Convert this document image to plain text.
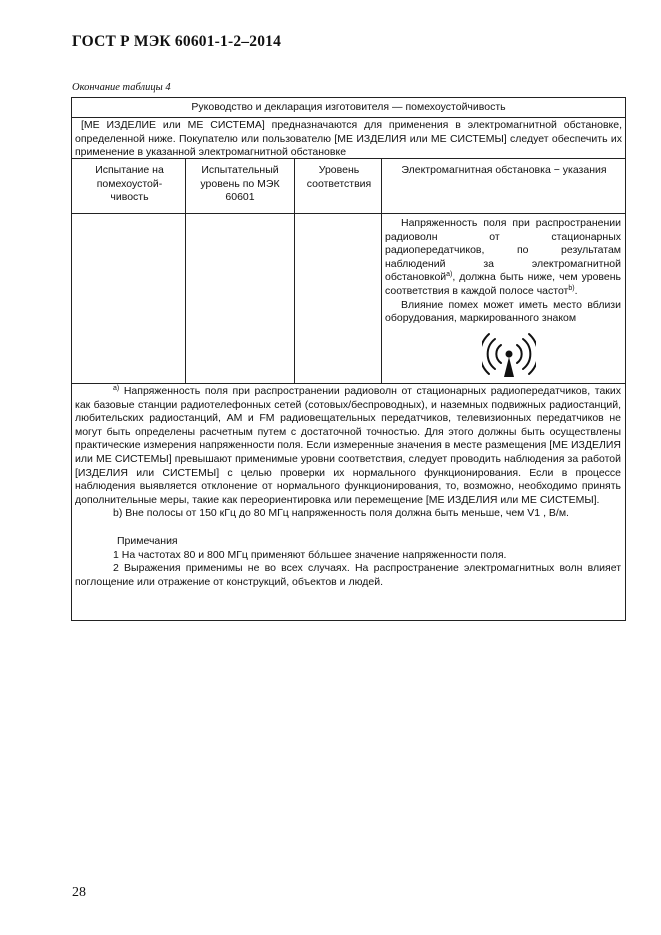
ГОСТ Р МЭК 60601-1-2–2014
Окончание таблицы 4
Руководство и декларация изготовителя — помехоустойчивость
[МЕ ИЗДЕЛИЕ или МЕ СИСТЕМА] предназначаются для применения в электромагнитной обстановке, определенной ниже. Покупателю или пользователю [МЕ ИЗДЕЛИЯ или МЕ СИСТЕМЫ] следует обеспечить их применение в указанной электромагнитной обстановке
Испытание на помехоустой-чивость
Испытательный уровень по МЭК 60601
Уровень соответствия
Электромагнитная обстановка − указания

Напряженность поля при распространении радиоволн от стационарных радиопередатчиков, по результатам наблюдений за электромагнитной обстановкой$^{a)}$, должна быть ниже, чем уровень соответствия в каждой полосе частот$^{b)}$.

Влияние помех может иметь место вблизи оборудования, маркированного знаком

$^{a)}$ Напряженность поля при распространении радиоволн от стационарных радиопередатчиков, таких как базовые станции радиотелефонных сетей (сотовых/беспроводных), и наземных подвижных радиостанций, любительских радиостанций, AM и FM радиовещательных передатчиков, телевизионных передатчиков не могут быть определены расчетным путем с достаточной точностью. Для этого должны быть осуществлены практические измерения напряженности поля. Если измеренные значения в месте размещения [МЕ ИЗДЕЛИЯ или МЕ СИСТЕМЫ] превышают применимые уровни соответствия, следует проводить наблюдения за работой [ИЗДЕЛИЯ или СИСТЕМЫ] с целью проверки их нормального функционирования. Если в процессе наблюдения выявляется отклонение от нормального функционирования, то, возможно, необходимо принять дополнительные меры, такие как переориентировка или перемещение [МЕ ИЗДЕЛИЯ или МЕ СИСТЕМЫ].

b) Вне полосы от 150 кГц до 80 МГц напряженность поля должна быть меньше, чем V1 , В/м.

Примечания

1 На частотах 80 и 800 МГц применяют бóльшее значение напряженности поля.

2 Выражения применимы не во всех случаях. На распространение электромагнитных волн влияет поглощение или отражение от конструкций, объектов и людей.

28
